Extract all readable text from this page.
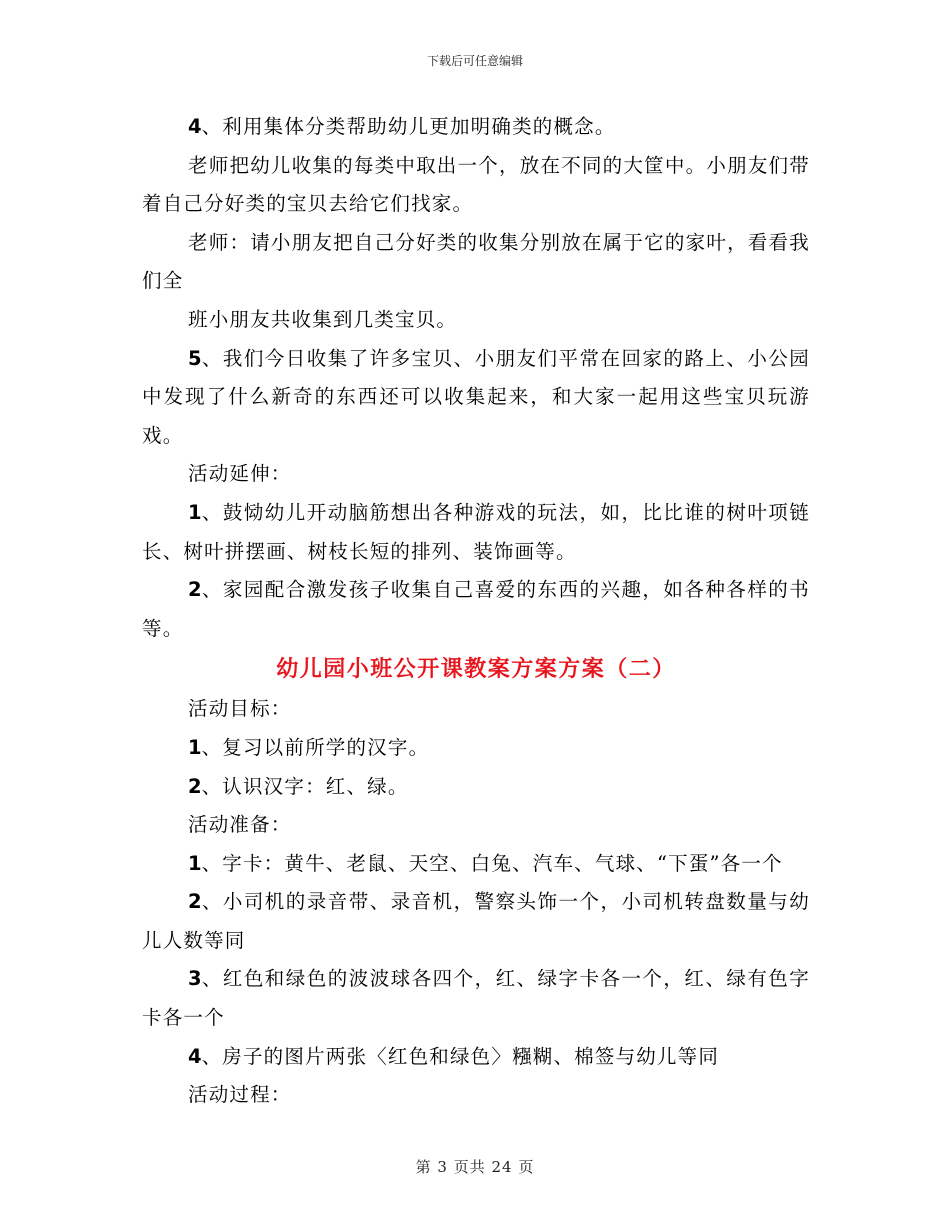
下载后可任意编辑

4、利用集体分类帮助幼儿更加明确类的概念。

老师把幼儿收集的每类中取出一个，放在不同的大筐中。小朋友们带着自己分好类的宝贝去给它们找家。

老师：请小朋友把自己分好类的收集分别放在属于它的家叶，看看我们全

班小朋友共收集到几类宝贝。

5、我们今日收集了许多宝贝、小朋友们平常在回家的路上、小公园中发现了什么新奇的东西还可以收集起来，和大家一起用这些宝贝玩游戏。

活动延伸：

1、鼓恸幼儿开动脑筋想出各种游戏的玩法，如，比比谁的树叶项链长、树叶拼摆画、树枝长短的排列、装饰画等。

2、家园配合激发孩子收集自己喜爱的东西的兴趣，如各种各样的书等。

幼儿园小班公开课教案方案方案（二）

活动目标：

1、复习以前所学的汉字。

2、认识汉字：红、绿。

活动准备：

1、字卡：黄牛、老鼠、天空、白兔、汽车、气球、“下蛋”各一个

2、小司机的录音带、录音机，警察头饰一个，小司机转盘数量与幼儿人数等同

3、红色和绿色的波波球各四个，红、绿字卡各一个，红、绿有色字卡各一个

4、房子的图片两张〈红色和绿色〉糨糊、棉签与幼儿等同

活动过程：

第 3 页共 24 页
